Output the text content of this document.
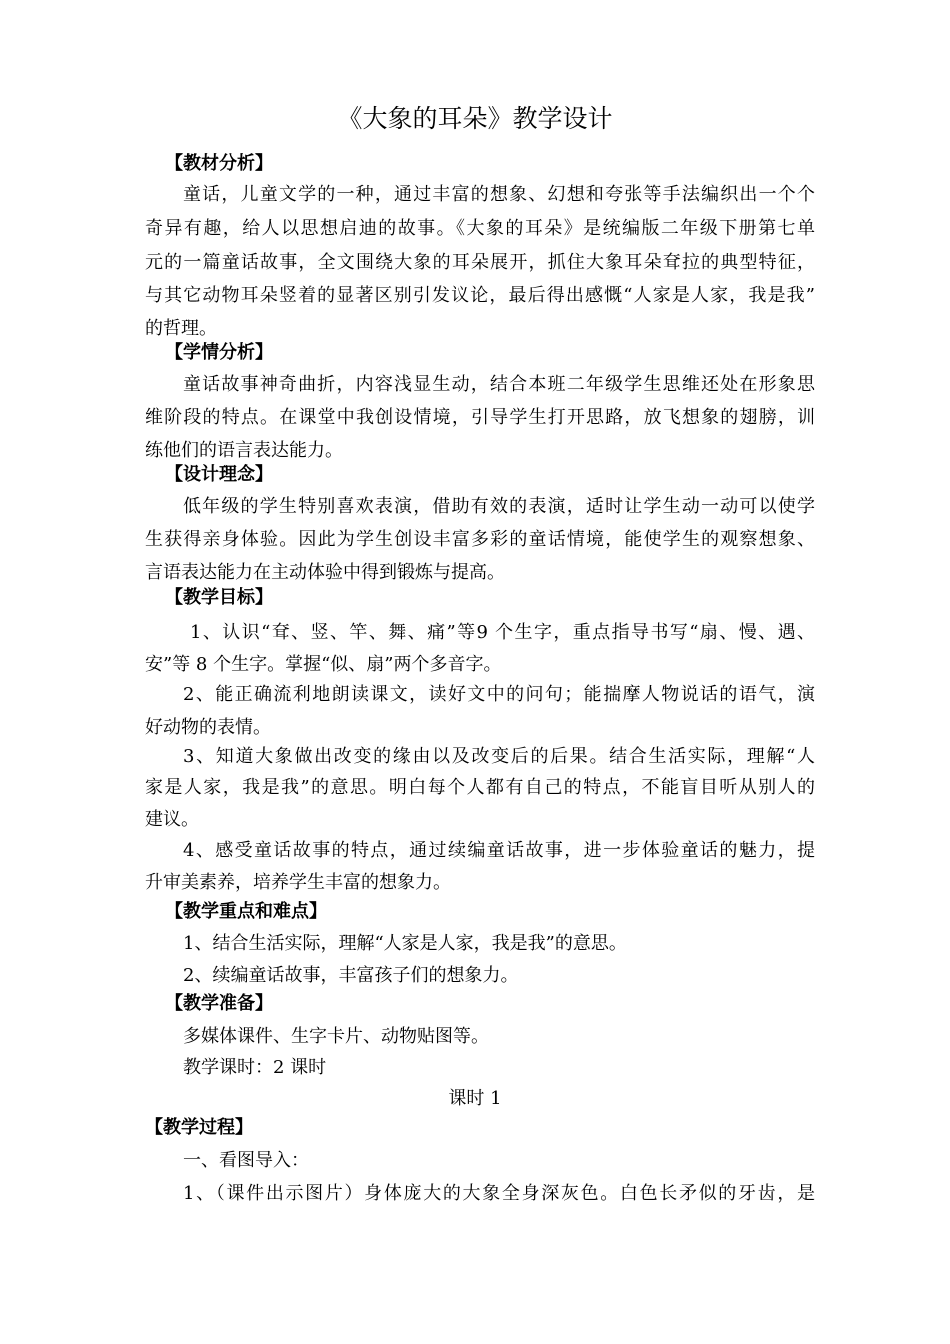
《大象的耳朵》教学设计
【教材分析】
童话，儿童文学的一种，通过丰富的想象、幻想和夸张等手法编织出一个个
奇异有趣，给人以思想启迪的故事。《大象的耳朵》是统编版二年级下册第七单
元的一篇童话故事，全文围绕大象的耳朵展开，抓住大象耳朵耷拉的典型特征，
与其它动物耳朵竖着的显著区别引发议论，最后得出感慨“人家是人家，我是我”
的哲理。
【学情分析】
童话故事神奇曲折，内容浅显生动，结合本班二年级学生思维还处在形象思
维阶段的特点。在课堂中我创设情境，引导学生打开思路，放飞想象的翅膀，训
练他们的语言表达能力。
【设计理念】
低年级的学生特别喜欢表演，借助有效的表演，适时让学生动一动可以使学
生获得亲身体验。因此为学生创设丰富多彩的童话情境，能使学生的观察想象、
言语表达能力在主动体验中得到锻炼与提高。
【教学目标】
1、认识“耷、竖、竿、舞、痛”等9 个生字，重点指导书写“扇、慢、遇、
安”等 8 个生字。掌握“似、扇”两个多音字。
2、能正确流利地朗读课文，读好文中的问句；能揣摩人物说话的语气，演
好动物的表情。
3、知道大象做出改变的缘由以及改变后的后果。结合生活实际，理解“人
家是人家，我是我”的意思。明白每个人都有自己的特点，不能盲目听从别人的
建议。
4、感受童话故事的特点，通过续编童话故事，进一步体验童话的魅力，提
升审美素养，培养学生丰富的想象力。
【教学重点和难点】
1、结合生活实际，理解“人家是人家，我是我”的意思。
2、续编童话故事，丰富孩子们的想象力。
【教学准备】
多媒体课件、生字卡片、动物贴图等。
教学课时：2 课时
课时 1
【教学过程】
一、看图导入：
1、（课件出示图片）身体庞大的大象全身深灰色。白色长矛似的牙齿，是
